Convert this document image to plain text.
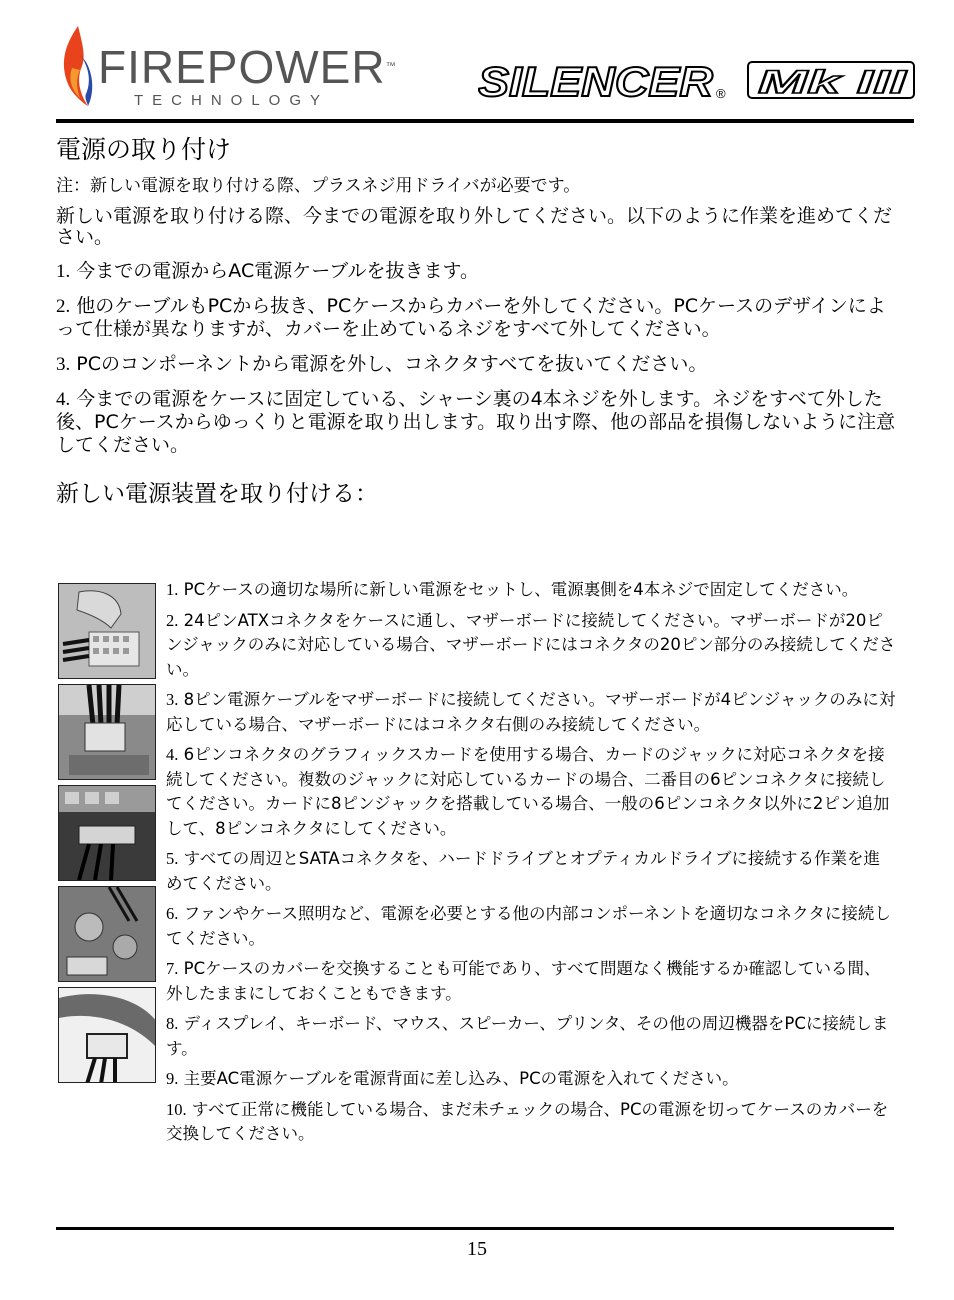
FIREPOWER™
TECHNOLOGY	SILENCER ® Mk III
電源の取り付け

注：新しい電源を取り付ける際、プラスネジ用ドライバが必要です。

新しい電源を取り付ける際、今までの電源を取り外してください。以下のように作業を進めてください。

1. 今までの電源からAC電源ケーブルを抜きます。

2. 他のケーブルもPCから抜き、PCケースからカバーを外してください。PCケースのデザインによって仕様が異なりますが、カバーを止めているネジをすべて外してください。

3. PCのコンポーネントから電源を外し、コネクタすべてを抜いてください。

4. 今までの電源をケースに固定している、シャーシ裏の4本ネジを外します。ネジをすべて外した後、PCケースからゆっくりと電源を取り出します。取り出す際、他の部品を損傷しないように注意してください。

新しい電源装置を取り付ける：

1. PCケースの適切な場所に新しい電源をセットし、電源裏側を4本ネジで固定してください。

2. 24ピンATXコネクタをケースに通し、マザーボードに接続してください。マザーボードが20ピンジャックのみに対応している場合、マザーボードにはコネクタの20ピン部分のみ接続してください。

3. 8ピン電源ケーブルをマザーボードに接続してください。マザーボードが4ピンジャックのみに対応している場合、マザーボードにはコネクタ右側のみ接続してください。

4. 6ピンコネクタのグラフィックスカードを使用する場合、カードのジャックに対応コネクタを接続してください。複数のジャックに対応しているカードの場合、二番目の6ピンコネクタに接続してください。カードに8ピンジャックを搭載している場合、一般の6ピンコネクタ以外に2ピン追加して、8ピンコネクタにしてください。

5. すべての周辺とSATAコネクタを、ハードドライブとオプティカルドライブに接続する作業を進めてください。

6. ファンやケース照明など、電源を必要とする他の内部コンポーネントを適切なコネクタに接続してください。

7. PCケースのカバーを交換することも可能であり、すべて問題なく機能するか確認している間、外したままにしておくこともできます。

8. ディスプレイ、キーボード、マウス、スピーカー、プリンタ、その他の周辺機器をPCに接続します。

9. 主要AC電源ケーブルを電源背面に差し込み、PCの電源を入れてください。

10. すべて正常に機能している場合、まだ未チェックの場合、PCの電源を切ってケースのカバーを交換してください。

15
